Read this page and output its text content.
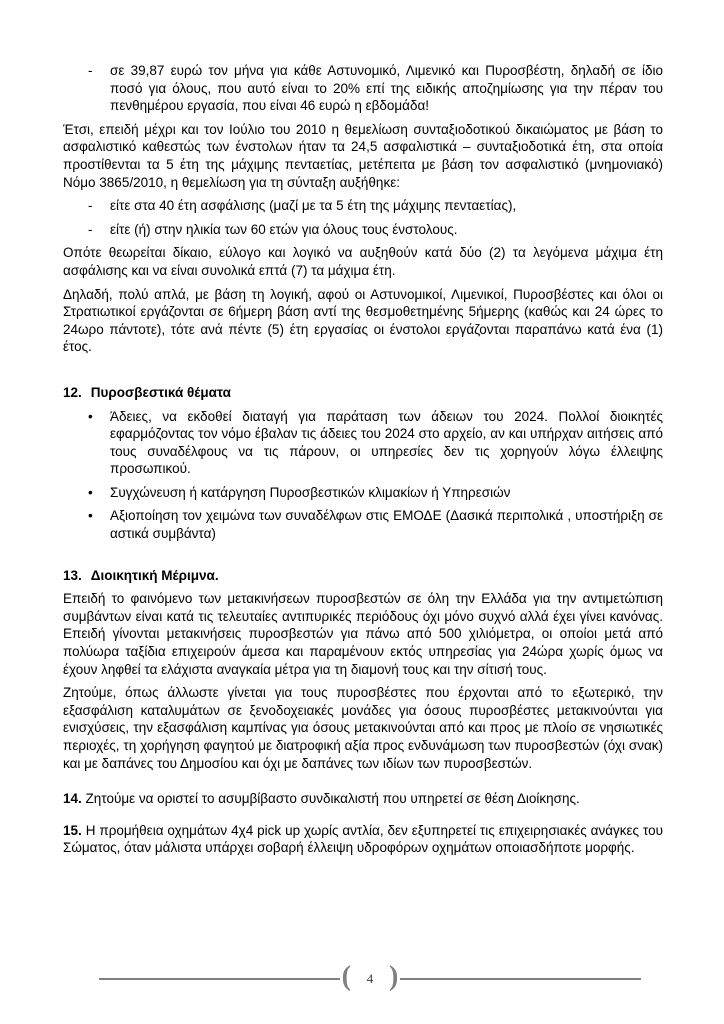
- σε 39,87 ευρώ τον μήνα για κάθε Αστυνομικό, Λιμενικό και Πυροσβέστη, δηλαδή σε ίδιο ποσό για όλους, που αυτό είναι το 20% επί της ειδικής αποζημίωσης για την πέραν του πενθημέρου εργασία, που είναι 46 ευρώ η εβδομάδα!

Έτσι, επειδή μέχρι και τον Ιούλιο του 2010 η θεμελίωση συνταξιοδοτικού δικαιώματος με βάση το ασφαλιστικό καθεστώς των ένστολων ήταν τα 24,5 ασφαλιστικά – συνταξιοδοτικά έτη, στα οποία προστίθενται τα 5 έτη της μάχιμης πενταετίας, μετέπειτα με βάση τον ασφαλιστικό (μνημονιακό) Νόμο 3865/2010, η θεμελίωση για τη σύνταξη αυξήθηκε:

- είτε στα 40 έτη ασφάλισης (μαζί με τα 5 έτη της μάχιμης πενταετίας),
- είτε (ή) στην ηλικία των 60 ετών για όλους τους ένστολους.

Οπότε θεωρείται δίκαιο, εύλογο και λογικό να αυξηθούν κατά δύο (2) τα λεγόμενα μάχιμα έτη ασφάλισης και να είναι συνολικά επτά (7) τα μάχιμα έτη.

Δηλαδή, πολύ απλά, με βάση τη λογική, αφού οι Αστυνομικοί, Λιμενικοί, Πυροσβέστες και όλοι οι Στρατιωτικοί εργάζονται σε 6ήμερη βάση αντί της θεσμοθετημένης 5ήμερης (καθώς και 24 ώρες το 24ωρο πάντοτε), τότε ανά πέντε (5) έτη εργασίας οι ένστολοι εργάζονται παραπάνω κατά ένα (1) έτος.

12. Πυροσβεστικά θέματα
• Άδειες, να εκδοθεί διαταγή για παράταση των άδειων του 2024. Πολλοί διοικητές εφαρμόζοντας τον νόμο έβαλαν τις άδειες του 2024 στο αρχείο, αν και υπήρχαν αιτήσεις από τους συναδέλφους να τις πάρουν, οι υπηρεσίες δεν τις χορηγούν λόγω έλλειψης προσωπικού.
• Συγχώνευση ή κατάργηση Πυροσβεστικών κλιμακίων ή Υπηρεσιών
• Αξιοποίηση τον χειμώνα των συναδέλφων στις ΕΜΟΔΕ (Δασικά περιπολικά , υποστήριξη σε αστικά συμβάντα)
13. Διοικητική Μέριμνα.

Επειδή το φαινόμενο των μετακινήσεων πυροσβεστών σε όλη την Ελλάδα για την αντιμετώπιση συμβάντων είναι κατά τις τελευταίες αντιπυρικές περιόδους όχι μόνο συχνό αλλά έχει γίνει κανόνας. Επειδή γίνονται μετακινήσεις πυροσβεστών για πάνω από 500 χιλιόμετρα, οι οποίοι μετά από πολύωρα ταξίδια επιχειρούν άμεσα και παραμένουν εκτός υπηρεσίας για 24ώρα χωρίς όμως να έχουν ληφθεί τα ελάχιστα αναγκαία μέτρα για τη διαμονή τους και την σίτισή τους.

Ζητούμε, όπως άλλωστε γίνεται για τους πυροσβέστες που έρχονται από το εξωτερικό, την εξασφάλιση καταλυμάτων σε ξενοδοχειακές μονάδες για όσους πυροσβέστες μετακινούνται για ενισχύσεις, την εξασφάλιση καμπίνας για όσους μετακινούνται από και προς με πλοίο σε νησιωτικές περιοχές, τη χορήγηση φαγητού με διατροφική αξία προς ενδυνάμωση των πυροσβεστών (όχι σνακ) και με δαπάνες του Δημοσίου και όχι με δαπάνες των ιδίων των πυροσβεστών.

14. Ζητούμε να οριστεί το ασυμβίβαστο συνδικαλιστή που υπηρετεί σε θέση Διοίκησης.

15. Η προμήθεια οχημάτων 4χ4 pick up χωρίς αντλία, δεν εξυπηρετεί τις επιχειρησιακές ανάγκες του Σώματος, όταν μάλιστα υπάρχει σοβαρή έλλειψη υδροφόρων οχημάτων οποιασδήποτε μορφής.

(	4 )
